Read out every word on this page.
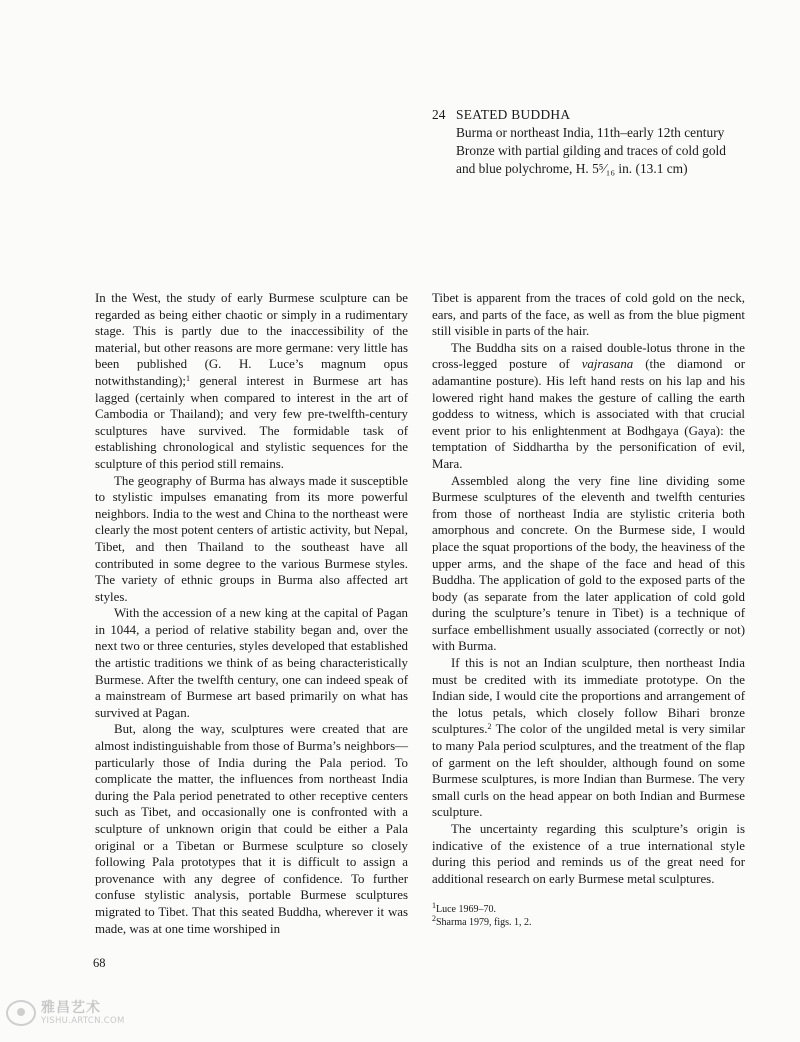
24 SEATED BUDDHA
Burma or northeast India, 11th–early 12th century
Bronze with partial gilding and traces of cold gold
and blue polychrome, H. 5⁵⁄₁₆ in. (13.1 cm)

In the West, the study of early Burmese sculpture can be regarded as being either chaotic or simply in a rudimentary stage. This is partly due to the inaccessibility of the material, but other reasons are more germane: very little has been published (G. H. Luce’s magnum opus notwithstanding);$^1$ general interest in Burmese art has lagged (certainly when compared to interest in the art of Cambodia or Thailand); and very few pre-twelfth-century sculptures have survived. The formidable task of establishing chronological and stylistic sequences for the sculpture of this period still remains.

The geography of Burma has always made it susceptible to stylistic impulses emanating from its more powerful neighbors. India to the west and China to the northeast were clearly the most potent centers of artistic activity, but Nepal, Tibet, and then Thailand to the southeast have all contributed in some degree to the various Burmese styles. The variety of ethnic groups in Burma also affected art styles.

With the accession of a new king at the capital of Pagan in 1044, a period of relative stability began and, over the next two or three centuries, styles developed that established the artistic traditions we think of as being characteristically Burmese. After the twelfth century, one can indeed speak of a mainstream of Burmese art based primarily on what has survived at Pagan.

But, along the way, sculptures were created that are almost indistinguishable from those of Burma’s neighbors—particularly those of India during the Pala period. To complicate the matter, the influences from northeast India during the Pala period penetrated to other receptive centers such as Tibet, and occasionally one is confronted with a sculpture of unknown origin that could be either a Pala original or a Tibetan or Burmese sculpture so closely following Pala prototypes that it is difficult to assign a provenance with any degree of confidence. To further confuse stylistic analysis, portable Burmese sculptures migrated to Tibet. That this seated Buddha, wherever it was made, was at one time worshiped in

Tibet is apparent from the traces of cold gold on the neck, ears, and parts of the face, as well as from the blue pigment still visible in parts of the hair.

The Buddha sits on a raised double-lotus throne in the cross-legged posture of vajrasana (the diamond or adamantine posture). His left hand rests on his lap and his lowered right hand makes the gesture of calling the earth goddess to witness, which is associated with that crucial event prior to his enlightenment at Bodhgaya (Gaya): the temptation of Siddhartha by the personification of evil, Mara.

Assembled along the very fine line dividing some Burmese sculptures of the eleventh and twelfth centuries from those of northeast India are stylistic criteria both amorphous and concrete. On the Burmese side, I would place the squat proportions of the body, the heaviness of the upper arms, and the shape of the face and head of this Buddha. The application of gold to the exposed parts of the body (as separate from the later application of cold gold during the sculpture’s tenure in Tibet) is a technique of surface embellishment usually associated (correctly or not) with Burma.

If this is not an Indian sculpture, then northeast India must be credited with its immediate prototype. On the Indian side, I would cite the proportions and arrangement of the lotus petals, which closely follow Bihari bronze sculptures.$^2$ The color of the ungilded metal is very similar to many Pala period sculptures, and the treatment of the flap of garment on the left shoulder, although found on some Burmese sculptures, is more Indian than Burmese. The very small curls on the head appear on both Indian and Burmese sculpture.

The uncertainty regarding this sculpture’s origin is indicative of the existence of a true international style during this period and reminds us of the great need for additional research on early Burmese metal sculptures.

$^1$Luce 1969–70.
$^2$Sharma 1979, figs. 1, 2.
68
雅昌艺术
YISHU.ARTCN.COM
